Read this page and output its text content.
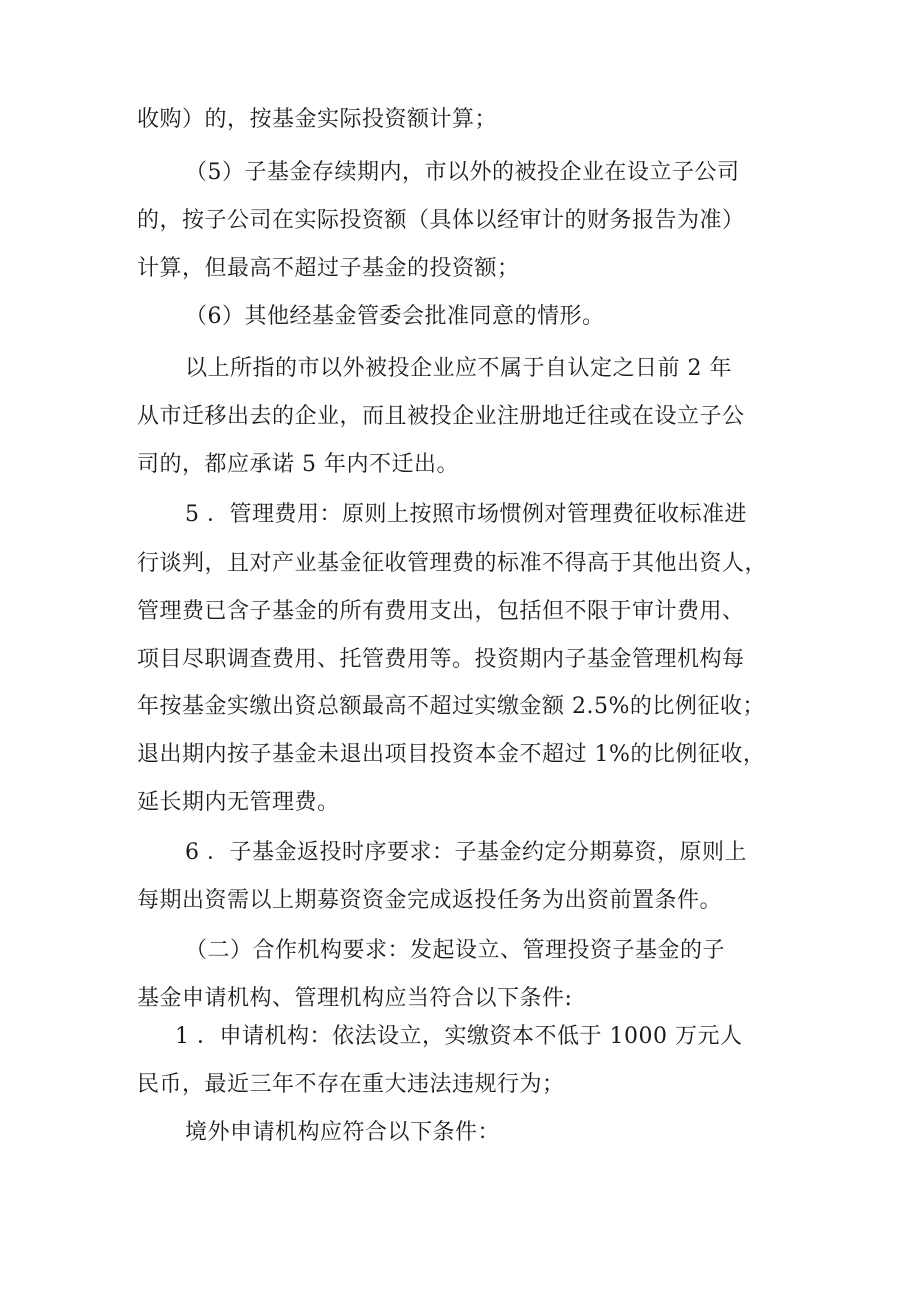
收购）的，按基金实际投资额计算；
（5）子基金存续期内，市以外的被投企业在设立子公司
的，按子公司在实际投资额（具体以经审计的财务报告为准）
计算，但最高不超过子基金的投资额；
（6）其他经基金管委会批准同意的情形。
以上所指的市以外被投企业应不属于自认定之日前 2 年
从市迁移出去的企业，而且被投企业注册地迁往或在设立子公
司的，都应承诺 5 年内不迁出。
5 ．管理费用：原则上按照市场惯例对管理费征收标准进
行谈判，且对产业基金征收管理费的标准不得高于其他出资人，
管理费已含子基金的所有费用支出，包括但不限于审计费用、
项目尽职调查费用、托管费用等。投资期内子基金管理机构每
年按基金实缴出资总额最高不超过实缴金额 2.5%的比例征收；
退出期内按子基金未退出项目投资本金不超过 1%的比例征收，
延长期内无管理费。
6 ．子基金返投时序要求：子基金约定分期募资，原则上
每期出资需以上期募资资金完成返投任务为出资前置条件。
（二）合作机构要求：发起设立、管理投资子基金的子
基金申请机构、管理机构应当符合以下条件:
1 ．申请机构：依法设立，实缴资本不低于 1000 万元人
民币，最近三年不存在重大违法违规行为；
境外申请机构应符合以下条件：
